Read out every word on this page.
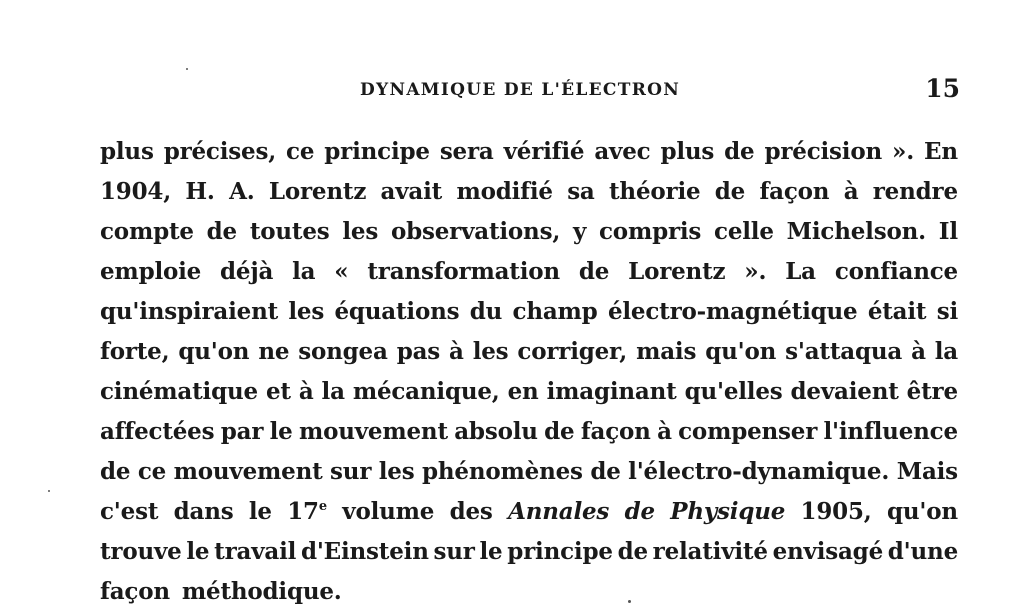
DYNAMIQUE DE L'ÉLECTRON	15
plus précises, ce principe sera vérifié avec plus de précision ». En
1904, H. A. Lorentz avait modifié sa théorie de façon à rendre
compte de toutes les observations, y compris celle Michelson. Il
emploie déjà la « transformation de Lorentz ». La confiance
qu'inspiraient les équations du champ électro-magnétique était si
forte, qu'on ne songea pas à les corriger, mais qu'on s'attaqua à la
cinématique et à la mécanique, en imaginant qu'elles devaient être
affectées par le mouvement absolu de façon à compenser l'influence
de ce mouvement sur les phénomènes de l'électro-dynamique. Mais
c'est dans le 17e volume des Annales de Physique 1905, qu'on
trouve le travail d'Einstein sur le principe de relativité envisagé d'une
façon méthodique.
